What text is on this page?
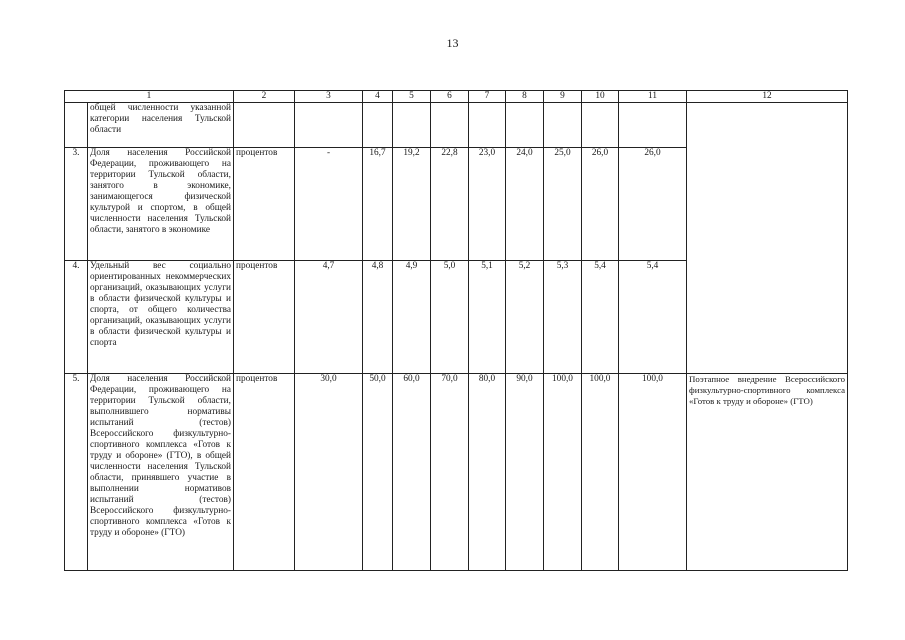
13
1		2	3	4	5	6	7	8	9	10	11	12
	общей численности указанной категории населения Тульской области											
3.	Доля населения Российской Федерации, проживающего на территории Тульской области, занятого в экономике, занимающегося физической культурой и спортом, в общей численности населения Тульской области, занятого в экономике	процентов	-	16,7	19,2	22,8	23,0	24,0	25,0	26,0	26,0	
4.	Удельный вес социально ориентированных некоммерческих организаций, оказывающих услуги в области физической культуры и спорта, от общего количества организаций, оказывающих услуги в области физической культуры и спорта	процентов	4,7	4,8	4,9	5,0	5,1	5,2	5,3	5,4	5,4	
5.	Доля населения Российской Федерации, проживающего на территории Тульской области, выполнившего нормативы испытаний (тестов) Всероссийского физкультурно-спортивного комплекса «Готов к труду и обороне» (ГТО), в общей численности населения Тульской области, принявшего участие в выполнении нормативов испытаний (тестов) Всероссийского физкультурно-спортивного комплекса «Готов к труду и обороне» (ГТО)	процентов	30,0	50,0	60,0	70,0	80,0	90,0	100,0	100,0	100,0	Поэтапное внедрение Всероссийского физкультурно-спортивного комплекса «Готов к труду и обороне» (ГТО)
